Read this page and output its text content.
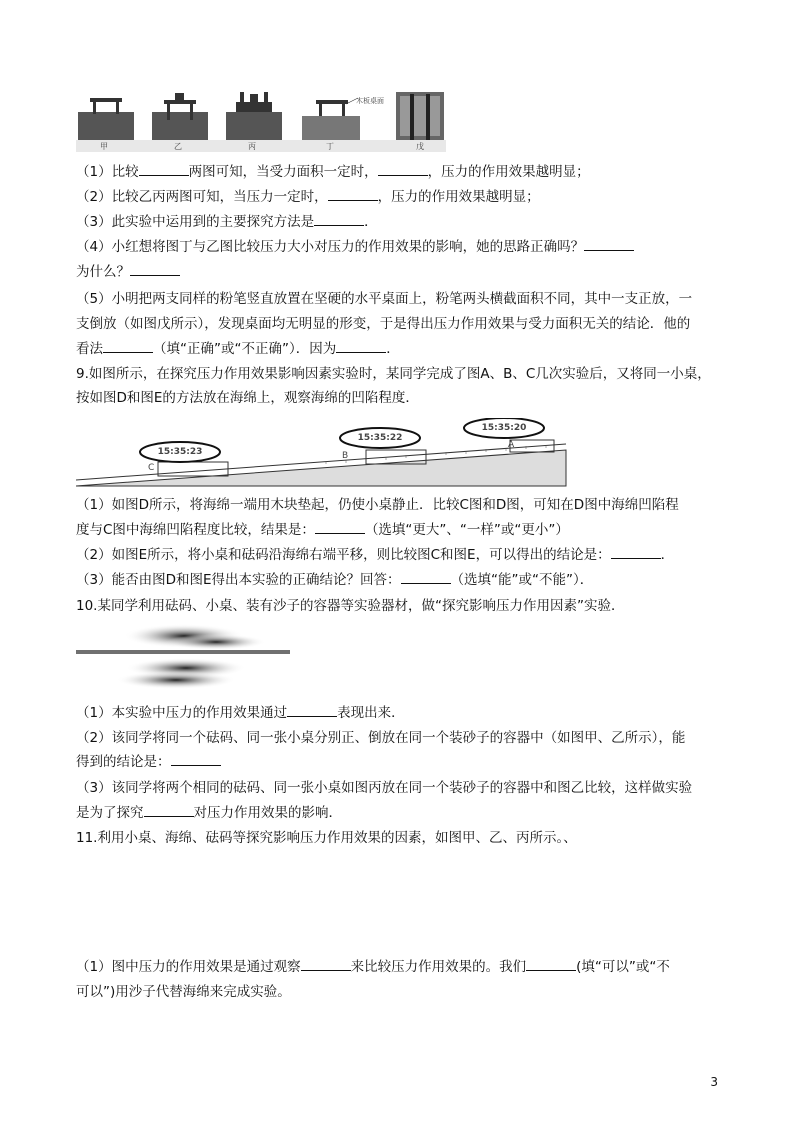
甲	乙	丙	丁	戊
木板桌面
（1）比较	两图可知，当受力面积一定时，	，压力的作用效果越明显；
（2）比较乙丙两图可知，当压力一定时，	，压力的作用效果越明显；
（3）此实验中运用到的主要探究方法是	．
（4）小红想将图丁与乙图比较压力大小对压力的作用效果的影响，她的思路正确吗？
为什么？
（5）小明把两支同样的粉笔竖直放置在坚硬的水平桌面上，粉笔两头横截面积不同，其中一支正放，一
支倒放（如图戊所示），发现桌面均无明显的形变，于是得出压力作用效果与受力面积无关的结论．他的
看法	（填“正确”或“不正确”）．因为	．
9.如图所示，在探究压力作用效果影响因素实验时，某同学完成了图A、B、C几次实验后，又将同一小桌，
按如图D和图E的方法放在海绵上，观察海绵的凹陷程度．
15:35:23
15:35:22
15:35:20
C
B
A
（1）如图D所示，将海绵一端用木块垫起，仍使小桌静止．比较C图和D图，可知在D图中海绵凹陷程
度与C图中海绵凹陷程度比较，结果是：	（选填“更大”、“一样”或“更小”）
（2）如图E所示，将小桌和砝码沿海绵右端平移，则比较图C和图E，可以得出的结论是：	．
（3）能否由图D和图E得出本实验的正确结论？回答：	（选填“能”或“不能”）．
10.某同学利用砝码、小桌、装有沙子的容器等实验器材，做“探究影响压力作用因素”实验．
（1）本实验中压力的作用效果通过	表现出来．
（2）该同学将同一个砝码、同一张小桌分别正、倒放在同一个装砂子的容器中（如图甲、乙所示），能
得到的结论是：
（3）该同学将两个相同的砝码、同一张小桌如图丙放在同一个装砂子的容器中和图乙比较，这样做实验
是为了探究	对压力作用效果的影响．
11.利用小桌、海绵、砝码等探究影响压力作用效果的因素，如图甲、乙、丙所示。、
（1）图中压力的作用效果是通过观察	来比较压力作用效果的。我们	(填“可以”或“不
可以”)用沙子代替海绵来完成实验。
3
